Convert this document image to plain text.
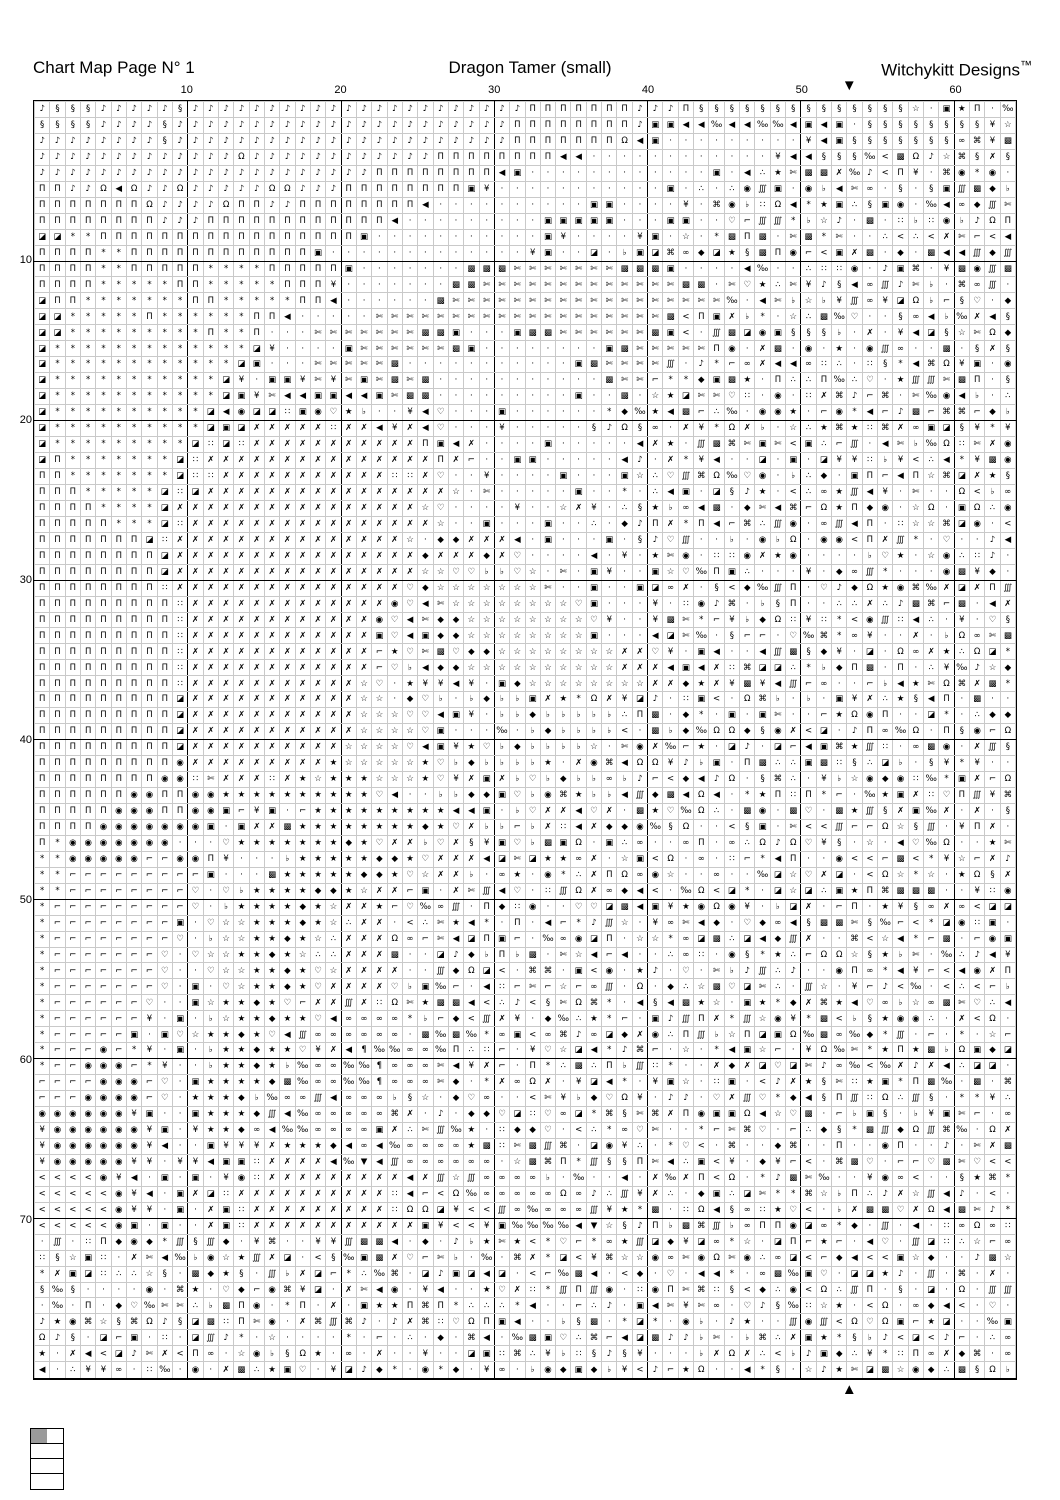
Chart Map Page N° 1	Dragon Tamer (small)	Witchykitt Designs™
10	20	30	40	50	60
10
20
30
40
50
60
70
▼
▲
♪	§	§	§	♪	♪	♪	♪	♪	§	♪	♪	♪	♪	♪	♪	♪	♪	♪	♪	♪	♪	♪	♪	♪	♪	♪	♪	♪	♪	♪	♪	Π	Π	Π	Π	Π	Π	Π	♪	♪	♪	Π	§	§	§	§	§	§	§	§	§	§	§	§	§	§	☆	·	▣	★	Π	·	‰
§	§	§	§	♪	♪	♪	♪	§	♪	♪	♪	♪	♪	♪	♪	♪	♪	♪	♪	♪	♪	♪	♪	♪	♪	♪	♪	♪	♪	♪	Π	Π	Π	Π	Π	Π	Π	Π	♪	▣	▣	◀	◀	‰	◀	◀	‰	‰	◀	▣	◀	▣	·	§	§	§	§	§	§	§	§	¥	☆
♪	♪	♪	♪	♪	♪	♪	♪	§	♪	♪	♪	♪	♪	♪	♪	♪	♪	♪	♪	♪	♪	♪	♪	♪	♪	♪	♪	♪	♪	♪	Π	Π	Π	Π	Π	Π	Π	Ω	◀	▣	·	·	·	·	·	·	·	·	·	¥	◀	▣	§	§	§	§	§	§	§	∞	⌘	¥	▩
♪	♪	♪	♪	♪	♪	♪	♪	♪	♪	♪	♪	♪	Ω	♪	♪	♪	♪	♪	♪	♪	♪	♪	♪	♪	♪	Π	Π	Π	Π	Π	Π	Π	Π	◀	◀	·	·	·	·	·	·	·	·	·	·	·	·	¥	◀	◀	§	§	§	‰	<	▩	Ω	♪	☆	⌘	§	✗	§
♪	♪	♪	♪	♪	♪	♪	♪	♪	♪	♪	♪	♪	♪	♪	♪	♪	♪	♪	♪	♪	♪	Π	Π	Π	Π	Π	Π	Π	Π	◀	▣	·	·	·	·	·	·	·	·	·	·	·	·	▣	·	◀	∴	★	✄	▩	▩	✗	‰	♪	<	Π	¥	·	⌘	◉	*	◉	·
Π	Π	♪	♪	Ω	◀	Ω	♪	♪	Ω	♪	♪	♪	♪	♪	Ω	Ω	♪	♪	♪	Π	Π	Π	Π	Π	Π	Π	Π	▣	¥	·	·	·	·	·	·	·	·	·	·	·	▣	·	∴	·	∴	◉	∭	▣	·	◉	♭	◀	✄	∞	·	§	·	§	▣	∭	▩	◆	♭
Π	Π	Π	Π	Π	Π	Π	Ω	♪	♪	♪	♪	Ω	Π	Π	♪	♪	Π	Π	Π	Π	Π	Π	Π	Π	◀	·	·	·	·	·	·	·	·	·	·	▣	▣	·	·	·	·	¥	·	⌘	◉	♭	∷	Ω	◀	*	★	▣	∴	§	▣	◉	·	‰	◀	∞	◆	∭	✄
Π	Π	Π	Π	Π	Π	Π	Π	♪	♪	♪	Π	Π	Π	Π	Π	Π	Π	Π	Π	Π	Π	Π	◀	·	·	·	·	·	·	·	·	·	▣	▣	▣	▣	▣	·	·	·	▣	▣	·	·	♡	⌐	∭	∭	*	♭	☆	♪	·	▩	·	∷	♭	∷	◉	♭	♪	Ω	Π
◪	◪	*	*	Π	Π	Π	Π	Π	Π	Π	Π	Π	Π	Π	Π	Π	Π	Π	Π	Π	▣	·	·	·	·	·	·	·	·	·	·	·	▣	¥	·	·	·	·	¥	▣	·	☆	·	*	▩	Π	▩	·	✄	▩	*	✄	·	·	∴	<	∴	<	✗	✄	⌐	<	◀
Π	Π	Π	Π	*	*	Π	Π	Π	Π	Π	Π	Π	Π	Π	Π	Π	Π	▣	·	·	·	·	·	·	·	·	·	·	·	·	·	¥	▣	·	·	◪	·	♭	▣	◪	⌘	∞	◆	◪	★	§	▩	Π	◉	⌐	<	▣	✗	▩	·	◆	·	▩	◀	◀	∭	◆	∭
Π	Π	Π	Π	*	*	Π	Π	Π	Π	Π	*	*	*	*	Π	Π	Π	Π	Π	▣	·	·	·	·	·	·	·	▩	▩	▩	✄	✄	✄	✄	✄	✄	✄	▩	▩	▩	▣	·	·	·	·	◀	‰	·	·	∴	∷	∷	◉	·	♪	▣	⌘	·	¥	▩	◉	∭	▩
Π	Π	Π	Π	*	*	*	*	*	Π	Π	*	*	*	*	*	Π	Π	Π	¥	·	·	·	·	·	·	·	▩	▩	✄	✄	✄	✄	✄	✄	✄	✄	✄	✄	✄	✄	✄	▩	▩	·	✄	♡	★	∴	✄	¥	♪	§	◀	∞	∭	♪	✄	♭	·	⌘	∞	∭	·
◪	Π	Π	*	*	*	*	*	*	*	Π	Π	*	*	*	*	*	Π	Π	◀	·	·	·	·	·	·	▩	✄	✄	✄	✄	✄	✄	✄	✄	✄	✄	✄	✄	✄	✄	✄	✄	✄	✄	‰	·	◀	✄	♭	☆	♭	¥	∭	∞	¥	◪	Ω	♭	⌐	§	♡	·	◆
◪	◪	*	*	*	*	*	Π	*	*	*	*	*	*	Π	Π	◀	·	·	·	·	·	✄	✄	✄	✄	✄	✄	✄	✄	✄	✄	✄	✄	✄	✄	✄	✄	✄	✄	✄	▩	<	Π	▣	✗	♭	*	·	☆	∴	▩	‰	♡	·	·	§	∞	◀	♭	‰	✗	◀	§
◪	◪	*	*	*	*	*	*	*	*	*	Π	*	*	Π	·	·	·	✄	✄	✄	✄	✄	✄	✄	▩	▩	▣	·	·	·	▣	▩	▩	✄	✄	✄	✄	✄	✄	▩	▣	<	·	∭	▩	◪	◉	▣	§	§	§	♭	·	✗	·	¥	◀	◪	§	☆	✄	Ω	◆
◪	*	*	*	*	*	*	*	*	*	*	*	*	*	◪	¥	·	·	·	·	▣	✄	✄	✄	✄	✄	✄	▩	▣	·	·	·	·	·	·	·	·	▣	▩	✄	✄	✄	✄	✄	Π	◉	·	✗	▩	·	◉	·	★	·	◉	∭	∞	·	·	▩	·	§	✗	§
◪	*	*	*	*	*	*	*	*	*	*	*	*	◪	▣	·	·	·	✄	✄	✄	✄	✄	▩	·	·	·	·	·	·	·	·	·	·	·	▣	▩	✄	✄	✄	✄	∭	·	♪	*	⌐	∞	✗	◀	◀	∞	∷	∴	·	∷	§	*	◀	⌘	Ω	¥	▣	·	◉
◪	*	*	*	*	*	*	*	*	*	*	*	◪	¥	·	▣	▣	¥	✄	¥	✄	▣	✄	▩	✄	▩	·	·	·	·	·	·	·	·	·	·	·	▩	✄	✄	⌐	*	*	◆	▣	▩	★	·	Π	∴	∴	Π	‰	∴	♡	·	★	∭	∭	✄	▩	Π	·	§
◪	*	*	*	*	*	*	*	*	*	*	*	◪	▣	¥	✄	◀	◀	▣	▣	◀	◀	▣	✄	▩	▩	·	·	·	·	·	·	·	·	·	▣	·	·	▩	·	☆	★	◪	✄	✄	♡	∷	·	◉	·	∷	✗	⌘	♪	⌐	⌘	·	✄	‰	◉	◀	♭	·	∴
◪	*	*	*	*	*	*	*	*	*	*	◪	◀	◉	◪	◪	∷	▣	◉	♡	★	♭	·	·	¥	◀	♡	·	·	·	▣	·	·	·	·	·	·	*	◆	‰	★	◀	▩	⌐	∴	‰	·	◉	◉	★	·	⌐	◉	*	◀	⌐	♪	▩	⌐	⌘	⌘	⌐	◆	♭
◪	*	*	*	*	*	*	*	*	*	*	◪	▣	◪	✗	✗	✗	✗	✗	∷	✗	✗	◀	¥	✗	◀	♡	·	·	·	¥	·	·	·	·	·	§	♪	Ω	§	∞	·	✗	¥	*	Ω	✗	♭	·	☆	∴	★	⌘	★	∷	⌘	✗	∞	▣	◪	§	¥	*	¥
◪	*	*	*	*	*	*	*	*	*	◪	∷	◪	∷	✗	✗	✗	✗	✗	✗	✗	✗	✗	✗	✗	Π	▣	◀	✗	·	·	·	·	▣	·	·	·	·	·	◀	✗	★	·	∭	▩	⌘	✄	▣	✄	<	▣	∴	⌐	∭	·	◀	✄	♭	‰	Ω	∷	✄	✗	◉
◪	Π	*	*	*	*	*	*	*	◪	∷	✗	✗	✗	✗	✗	✗	✗	✗	✗	✗	✗	✗	✗	✗	✗	Π	✗	⌐	·	·	▣	▣	·	·	·	·	·	◀	♪	·	✗	*	¥	◀	·	·	◪	·	▣	·	◪	¥	¥	∷	♭	¥	<	∴	◀	*	¥	▩	◉
Π	Π	*	*	*	*	*	*	*	◪	∷	∷	✗	✗	✗	✗	✗	✗	✗	✗	✗	✗	✗	∷	∷	✗	♡	·	·	¥	·	·	·	·	▣	·	·	·	▣	☆	∴	♡	∭	⌘	Ω	‰	♡	◉	·	♭	∴	◆	·	▣	Π	⌐	◀	Π	☆	⌘	◪	✗	★	§
Π	Π	Π	*	*	*	*	*	◪	∷	◪	✗	✗	✗	✗	✗	✗	✗	✗	✗	✗	✗	✗	✗	✗	✗	✗	☆	·	✄	·	·	·	·	·	▣	·	·	*	·	∴	◀	▣	·	◪	§	♪	★	·	<	∴	∞	★	∭	◀	¥	·	✄	·	·	Ω	<	♭	∞
Π	Π	Π	Π	*	*	*	*	◪	✗	✗	✗	✗	✗	✗	✗	✗	✗	✗	✗	✗	✗	✗	✗	✗	☆	♡	·	·	·	·	¥	·	·	☆	✗	¥	·	∴	§	★	♭	∞	◀	▩	·	◆	✄	◀	⌘	⌐	Ω	★	Π	◆	◉	·	☆	Ω	·	▣	Ω	∴	◉
Π	Π	Π	Π	Π	*	*	*	◪	∷	✗	✗	✗	✗	✗	✗	✗	✗	✗	✗	✗	✗	✗	✗	✗	✗	☆	·	·	▣	·	·	·	▣	·	·	∴	·	◆	♪	Π	✗	*	Π	◀	⌐	⌘	∴	∭	◉	·	∞	∭	◀	Π	·	∷	☆	☆	⌘	◪	◉	·	<
Π	Π	Π	Π	Π	Π	Π	◪	∷	✗	✗	✗	✗	✗	✗	✗	✗	✗	✗	✗	✗	✗	✗	✗	☆	·	◆	◆	✗	✗	✗	◀	·	▣	·	·	·	▣	·	§	♪	♡	∭	·	·	♭	·	◉	♭	Ω	·	◉	◉	<	Π	✗	∭	*	·	♡	·	·	♪	◀
Π	Π	Π	Π	Π	Π	Π	Π	◪	✗	✗	✗	✗	✗	✗	✗	✗	✗	✗	✗	✗	✗	✗	✗	✗	◆	✗	✗	✗	◆	✗	♡	·	·	·	·	◀	·	¥	·	★	✄	◉	·	∷	∷	◉	✗	★	◉	·	·	·	·	♭	♡	★	·	☆	◉	∴	∷	♪	·
Π	Π	Π	Π	Π	Π	Π	Π	◪	✗	✗	✗	✗	✗	✗	✗	✗	✗	✗	✗	✗	✗	✗	✗	✗	☆	☆	♡	♡	♭	♭	♡	☆	·	✄	·	▣	¥	·	·	▣	☆	♡	‰	Π	▣	∴	·	·	·	¥	·	◆	∞	∭	*	·	·	·	◉	▩	¥	◆	·
Π	Π	Π	Π	Π	Π	Π	Π	∷	✗	✗	✗	✗	✗	✗	✗	✗	✗	✗	✗	✗	✗	✗	✗	♡	◆	☆	☆	☆	☆	☆	☆	☆	✄	·	·	▣	·	·	▣	◪	∞	✗	·	§	<	◆	‰	∭	Π	·	♡	♪	◆	Ω	★	◉	⌘	‰	✗	◪	✗	Π	∭
Π	Π	Π	Π	Π	Π	Π	Π	Π	∷	✗	✗	✗	✗	✗	✗	✗	✗	✗	✗	✗	✗	✗	◉	♡	◀	✄	☆	☆	☆	☆	☆	☆	☆	☆	♡	▣	·	·	·	¥	·	∷	◉	♪	⌘	·	♭	§	Π	·	·	∴	∴	✗	∴	♪	▩	⌘	⌐	▩	·	◀	✗
Π	Π	Π	Π	Π	Π	Π	Π	Π	∷	✗	✗	✗	✗	✗	✗	✗	✗	✗	✗	✗	✗	◉	♡	◀	✄	◆	◆	☆	☆	☆	☆	☆	☆	☆	☆	♡	¥	·	·	¥	▩	✄	*	⌐	¥	♭	◆	Ω	∷	¥	∷	*	<	◉	∭	∷	◀	∴	·	¥	·	♡	§
Π	Π	Π	Π	Π	Π	Π	Π	Π	∷	✗	✗	✗	✗	✗	✗	✗	✗	✗	✗	✗	✗	▣	♡	◀	▣	◆	◆	☆	☆	☆	☆	☆	☆	☆	☆	▣	·	·	·	◀	◪	✄	‰	·	§	⌐	⌐	·	♡	‰	⌘	*	∞	¥	·	·	✗	·	♭	Ω	∞	✄	▩
Π	Π	Π	Π	Π	Π	Π	Π	Π	∷	✗	✗	✗	✗	✗	✗	✗	✗	✗	✗	✗	✗	⌐	★	♡	✄	▩	♡	◆	◆	☆	☆	☆	☆	☆	☆	☆	☆	✗	✗	♡	¥	·	▣	◀	·	·	◀	∭	▩	§	◆	¥	·	◪	·	Ω	∞	✗	★	∴	Ω	◪	*
Π	Π	Π	Π	Π	Π	Π	Π	Π	∷	✗	✗	✗	✗	✗	✗	✗	✗	✗	✗	✗	✗	⌐	♡	♭	◀	◆	◆	☆	☆	☆	☆	☆	☆	☆	☆	☆	☆	✗	✗	✗	◀	▣	◀	✗	∷	⌘	◪	◪	∴	*	♭	◆	Π	▩	·	Π	·	∴	¥	‰	♪	☆	◆
Π	Π	Π	Π	Π	Π	Π	Π	Π	∷	✗	✗	✗	✗	✗	✗	✗	✗	✗	✗	✗	☆	♡	·	★	¥	¥	◀	¥	·	▣	◆	☆	☆	☆	☆	☆	☆	☆	☆	✗	✗	◆	★	✗	¥	▩	¥	◀	∭	⌐	∞	·	·	⌐	♭	◀	★	✄	Ω	⌘	✗	▩	*
Π	Π	Π	Π	Π	Π	Π	Π	Π	◪	✗	✗	✗	✗	✗	✗	✗	✗	✗	✗	✗	☆	☆	·	◆	♡	♭	·	♭	◆	♭	♭	▣	✗	★	*	Ω	✗	¥	◪	♪	·	∷	▣	<	·	Ω	⌘	♭	·	♭	·	▣	¥	✗	∴	★	§	◀	Π	·	▩	·	·
Π	Π	Π	Π	Π	Π	Π	Π	Π	◪	✗	✗	✗	✗	✗	✗	✗	✗	✗	✗	✗	☆	☆	☆	♡	♡	◀	▣	¥	·	♭	♭	◆	♭	♭	♭	♭	♭	∴	Π	▩	·	◆	*	·	▣	·	▣	✄	·	·	⌐	★	Ω	◉	Π	·	·	◪	*	·	∴	◆	◆
Π	Π	Π	Π	Π	Π	Π	Π	Π	◪	✗	✗	✗	✗	✗	✗	✗	✗	✗	✗	✗	☆	☆	☆	☆	♡	▣	·	·	·	‰	·	♭	◆	♭	♭	♭	♭	<	·	▩	♭	◆	‰	Ω	Ω	◆	§	◉	✗	<	◪	·	♪	Π	∞	‰	Ω	·	Π	§	◉	⌐	Ω
Π	Π	Π	Π	Π	Π	Π	Π	Π	◪	✗	✗	✗	✗	✗	✗	✗	✗	✗	✗	☆	☆	☆	☆	♡	◀	▣	¥	★	♡	♭	◆	♭	♭	♭	♭	☆	·	✄	◉	✗	‰	⌐	★	·	◪	♪	·	◪	⌐	◀	▣	⌘	★	∭	∷	·	∞	▩	◉	·	✗	∭	§
Π	Π	Π	Π	Π	Π	Π	Π	Π	◉	✗	✗	✗	✗	✗	✗	✗	✗	✗	★	☆	☆	☆	☆	☆	★	♡	♭	◆	♭	♭	♭	♭	★	·	✗	◉	⌘	◀	Ω	Ω	¥	♪	♭	▣	·	Π	▩	∴	∴	▣	▩	∷	§	∴	◪	♭	·	§	¥	*	¥	·	·
Π	Π	Π	Π	Π	Π	Π	Π	◉	◉	∷	✄	✗	✗	✗	∷	✗	★	☆	★	★	★	☆	☆	☆	★	♡	¥	✗	▣	✗	♭	♡	♭	◆	♭	♭	∞	♭	♪	⌐	<	◆	◀	♪	Ω	·	§	⌘	∴	·	¥	♭	☆	◉	◆	◉	∷	‰	*	▣	✗	⌐	Ω
Π	Π	Π	Π	Π	Π	◉	◉	Π	Π	◉	◉	★	★	★	★	★	★	★	★	★	★	♡	◀	·	·	♭	♭	◆	◆	▣	♡	♭	◉	⌘	★	♭	♭	◀	∭	◆	▩	◀	Ω	◀	·	*	★	Π	∷	Π	*	⌐	·	‰	★	▣	✗	∷	♡	Π	∭	¥	⌘
Π	Π	Π	Π	Π	◉	◉	◉	Π	Π	◉	◉	▣	⌐	¥	▣	·	⌐	★	★	★	★	★	★	★	★	★	◀	◀	▣	·	♭	♡	✗	✗	◀	♡	✗	·	▩	★	♡	‰	Ω	∴	·	▩	◉	·	▩	♡	·	▩	★	∭	§	✗	▣	‰	✗	·	✗	·	§
Π	Π	Π	Π	◉	◉	◉	◉	◉	◉	◉	▣	·	▣	✗	✗	▩	★	★	★	★	★	★	★	★	◆	★	♡	✗	♭	♭	⌐	♭	✗	∷	◀	✗	◆	◆	◉	‰	§	Ω	·	·	<	§	▣	·	✄	<	<	∭	⌐	⌐	Ω	☆	§	∭	·	¥	Π	✗	·
Π	*	◉	◉	◉	◉	◉	◉	◉	·	·	·	♡	★	★	★	★	★	★	★	◆	★	♡	✗	✗	♭	♡	✗	§	¥	▣	♡	♭	▩	▣	Ω	·	▣	∴	∞	·	·	∞	Π	·	∞	∴	Ω	♪	Ω	♡	¥	§	·	☆	·	◀	♡	‰	Ω	·	·	★	✄
*	*	◉	◉	◉	◉	◉	⌐	⌐	◉	◉	Π	¥	·	·	·	♭	★	★	★	★	★	◆	◆	★	♡	✗	✗	✗	◀	◪	✄	◪	★	★	∞	✗	·	☆	▣	<	Ω	·	∞	·	∷	⌐	*	◀	Π	·	·	◉	<	<	⌐	▩	<	*	¥	☆	⌐	✗	♪
*	*	⌐	⌐	⌐	⌐	⌐	⌐	⌐	⌐	⌐	▣	·	·	·	▩	★	★	★	★	★	◆	◆	★	♡	☆	✗	✗	♭	·	∞	★	·	◉	*	∴	✗	Π	Ω	∞	◉	☆	·	·	∞	·	·	‰	◪	☆	♡	✗	◪	·	<	Ω	☆	*	☆	·	★	Ω	§	✗
*	*	⌐	⌐	⌐	⌐	⌐	⌐	⌐	⌐	♡	·	♡	♭	★	★	★	★	◆	◆	★	☆	✗	✗	⌐	▣	·	✗	✄	∭	◀	♡	·	∷	∭	Ω	✗	∞	◆	◀	<	·	‰	Ω	<	◪	*	·	◪	☆	◪	∴	▣	★	Π	⌘	▩	▩	▩	·	·	¥	∷	◉
*	⌐	⌐	⌐	⌐	⌐	⌐	⌐	⌐	⌐	♡	·	♭	★	★	★	★	◆	★	☆	✗	✗	★	⌐	♡	‰	∞	∭	·	Π	◆	∷	◉	·	·	♡	♡	◪	▩	◀	▣	¥	★	◉	Ω	◉	¥	·	♭	◪	✗	·	⌐	Π	·	★	¥	§	∞	✗	∞	<	◪	◪
*	⌐	⌐	⌐	⌐	⌐	⌐	⌐	⌐	▣	·	♡	☆	☆	★	★	★	◆	★	☆	∴	✗	✗	·	<	∴	✄	★	◀	*	·	Π	·	◀	⌐	*	♪	∭	☆	·	¥	∞	✄	◀	◆	·	♡	◆	∞	◀	§	▩	▩	✄	§	‰	⌐	<	*	◪	◉	∷	▣	·
*	⌐	⌐	⌐	⌐	⌐	⌐	⌐	⌐	♡	·	♭	☆	☆	★	★	◆	★	☆	∴	✗	✗	✗	Ω	∞	⌐	✄	◀	◪	Π	▣	⌐	·	‰	∞	◉	◪	Π	·	☆	☆	*	∞	◪	▩	∴	◪	◀	◆	∭	✗	·	·	⌘	<	☆	◀	*	⌐	▩	·	⌐	◉	▣
*	⌐	⌐	⌐	⌐	⌐	⌐	⌐	♡	·	♡	☆	☆	★	★	◆	★	☆	∴	∴	✗	✗	✗	▩	·	·	◪	♪	◆	♭	Π	♭	▩	·	✄	☆	◀	⌐	◀	·	·	∴	∞	∷	·	◉	§	*	★	∴	⌐	Ω	Ω	☆	§	★	♭	✄	·	‰	∴	♪	◀	¥
*	⌐	⌐	⌐	⌐	⌐	⌐	⌐	♡	·	·	♡	☆	☆	★	★	◆	★	♡	☆	✗	✗	✗	✗	·	·	∭	◆	Ω	◪	<	·	⌘	⌘	·	▣	<	◉	·	★	♪	·	♡	·	✄	♭	♪	∭	∴	♪	·	·	◉	Π	∞	*	◀	¥	⌐	<	◀	◉	✗	Π
*	⌐	⌐	⌐	⌐	⌐	⌐	⌐	♡	·	▣	·	♡	☆	★	★	◆	★	♡	✗	✗	✗	✗	♡	♭	▣	‰	⌐	·	◀	∷	⌐	✄	⌐	☆	⌐	∞	∭	·	Ω	·	◆	∴	☆	▩	♡	◪	✄	∴	·	∭	☆	·	¥	⌐	♪	<	‰	·	<	∴	<	⌐	♭
*	⌐	⌐	⌐	⌐	⌐	⌐	♡	·	·	▣	☆	★	★	◆	★	♡	⌐	✗	✗	∭	✗	∷	Ω	✄	★	▩	▩	◀	<	∴	♪	<	§	✄	Ω	⌘	*	·	◀	§	◀	▩	★	☆	·	▣	★	*	◆	✗	⌘	★	◀	♡	∞	♭	☆	∞	▩	✄	♡	∴	◀
*	⌐	⌐	⌐	⌐	⌐	⌐	¥	·	▣	·	♭	☆	★	★	◆	★	★	♡	◀	∞	∞	∞	∞	*	♭	⌐	◆	<	∭	✗	¥	·	◆	‰	∴	★	*	⌐	·	▣	♪	∭	Π	✗	*	∭	☆	◉	¥	*	▩	<	♭	§	★	◉	◉	∴	·	✗	<	Ω	·
*	⌐	⌐	⌐	⌐	⌐	▣	·	▣	♡	☆	★	★	◆	★	♡	◀	∭	∞	∞	∞	∞	∞	∞	·	▩	‰	▩	‰	*	∞	▣	<	∞	⌘	♪	∞	◪	◆	✗	◉	∴	Π	∭	♭	☆	Π	◪	▣	Ω	‰	▩	∞	‰	◆	*	∭	·	⌐	·	*	·	☆	⌐
*	⌐	⌐	⌐	◉	⌐	*	¥	·	▣	·	♭	★	★	◆	★	★	♡	¥	✗	◀	¶	‰	‰	∞	∞	‰	Π	∴	∷	⌐	·	¥	♡	☆	◪	◀	*	♪	⌘	⌐	·	☆	·	*	◀	▣	☆	⌐	·	¥	Ω	‰	✄	*	★	Π	★	▩	♭	Ω	▣	◆	◪
*	⌐	⌐	◉	◉	◉	⌐	*	¥	·	·	♭	★	★	◆	★	♭	‰	∞	∞	‰	‰	¶	∞	∞	∞	✄	◀	¥	✗	⌐	·	Π	*	∴	▩	∴	Π	♭	∭	∷	*	·	·	✗	◆	✗	◪	♡	◪	✄	♪	∞	‰	<	‰	✗	♪	✗	◀	∴	◪	◪	·
⌐	⌐	⌐	⌐	◉	◉	◉	⌐	♡	·	▣	★	★	★	★	◆	▩	‰	∞	∞	‰	‰	¶	∞	∞	∞	✄	◆	·	*	✗	∞	Ω	✗	·	¥	◪	◀	*	·	¥	▣	☆	·	∷	▣	·	<	♪	✗	★	§	✄	∷	★	▣	*	Π	▩	‰	·	▩	·	⌘
⌐	⌐	⌐	◉	◉	◉	◉	⌐	♡	·	★	★	★	◆	♭	‰	∞	∞	∭	◀	∞	∞	∞	♭	§	☆	·	◆	♡	∞	·	·	<	✄	¥	♭	◆	♡	Ω	¥	·	♪	♪	·	♡	✗	∭	♡	*	◆	◀	§	Π	∭	∷	Ω	∴	∭	§	·	*	*	¥	∴
◉	◉	◉	◉	◉	◉	¥	▣	·	·	▣	★	★	★	◆	∭	◀	‰	∞	∞	∞	∞	∞	⌘	✗	·	♪	·	◆	◆	♡	◪	∷	♡	∞	◪	*	⌘	§	✄	⌘	✗	Π	◉	▣	▣	Ω	◀	☆	♡	▩	·	⌐	♭	▣	§	·	♭	¥	▣	✄	⌐	·	∞
¥	◉	◉	◉	◉	◉	◉	¥	▣	·	¥	★	★	◆	∞	◀	‰	‰	∞	∞	∞	∞	▣	✗	∴	✄	∭	‰	★	·	∷	◆	◆	♡	·	<	∴	*	∞	♡	✄	·	·	*	⌐	✄	⌘	♡	·	⌐	∴	◆	§	*	▩	∭	◆	Ω	∭	⌘	‰	·	Ω	✗
¥	◉	◉	◉	◉	◉	◉	¥	◀	·	·	▣	¥	¥	¥	✗	★	★	★	◆	◀	∞	◀	‰	∞	∞	∞	∞	★	▩	∷	✄	▩	∭	⌘	·	◪	◉	¥	∴	·	*	♡	<	·	⌘	·	·	◆	⌘	·	·	Π	·	·	◉	Π	·	·	♪	·	✄	✗	▩
¥	◉	◉	◉	◉	◉	¥	¥	·	¥	¥	◀	▣	▣	∷	✗	✗	✗	✗	◀	‰	▼	◀	∭	∞	∞	∞	∞	∞	∞	·	☆	▩	⌘	Π	*	∭	§	§	Π	✄	◀	∴	▣	<	¥	·	◆	¥	⌐	<	·	⌘	▩	♡	·	⌐	⌐	♡	▩	✄	♡	<	<
<	<	<	<	◉	¥	◀	·	▣	·	▣	·	¥	◉	∷	✗	✗	✗	✗	✗	✗	✗	✗	✗	◀	✗	∭	☆	∭	∞	∞	∞	∞	♭	·	‰	·	·	◀	·	✗	‰	✗	Π	<	Ω	·	*	♪	▩	✄	‰	·	·	¥	◉	∞	<	·	·	§	★	⌘	*
<	<	<	<	<	◉	¥	◀	·	▣	✗	◪	∷	✗	✗	✗	✗	✗	✗	✗	✗	✗	✗	∷	◀	⌐	<	Ω	‰	∞	∞	∞	∞	∞	Ω	∞	♪	∴	∭	¥	✗	∴	·	◆	▣	∴	◪	✄	*	*	⌘	☆	♭	Π	∴	♪	✗	☆	∭	◀	♪	·	<	·
<	<	<	<	<	◉	¥	¥	·	▣	·	✗	▣	∷	✗	✗	✗	✗	✗	✗	✗	✗	✗	∷	Ω	Ω	◪	¥	<	<	∭	∞	‰	∞	∞	∞	∭	¥	★	*	▩	·	∷	Ω	◀	§	∞	∷	★	♡	<	·	♭	✗	▩	▩	♡	✗	Ω	◀	▩	✄	♪	*
<	<	<	<	<	◉	▣	·	▣	·	·	✗	▣	∷	✗	✗	✗	✗	✗	✗	✗	✗	✗	✗	✗	▣	¥	<	<	¥	▣	‰	‰	‰	‰	◀	▼	☆	§	♪	Π	♭	▩	⌘	∭	♭	∞	Π	Π	◉	◪	∞	*	◆	·	∭	·	◀	·	∷	∞	Ω	∞	∷
·	∭	·	∷	Π	◆	◉	◆	*	∭	§	∭	◆	·	¥	⌘	·	·	¥	¥	∭	▩	▩	◀	·	◆	·	♪	♭	★	✄	★	<	*	♡	⌐	*	∞	★	∭	◪	◆	¥	◪	∞	*	☆	·	◪	Π	⌐	★	⌐	·	◀	♡	·	∭	◪	∷	∴	☆	⌐	∞
∷	§	☆	▣	∷	·	✗	✄	◀	‰	♭	◉	☆	★	∭	✗	◪	·	<	§	‰	▣	▩	✗	♡	⌐	✄	♭	·	‰	·	⌘	✗	*	◪	<	¥	⌘	☆	☆	◉	∞	✄	◉	Ω	✄	◉	∴	∞	◪	<	⌐	◆	◀	<	<	▣	☆	◆	·	·	♪	▩	☆
*	✗	▣	◪	∷	∴	∴	☆	§	·	▩	◆	★	§	·	∭	♭	✗	◪	⌐	*	∴	‰	⌘	·	◪	♪	▣	◪	◀	◪	·	<	⌐	‰	▩	◀	·	<	◆	·	♡	·	◀	◀	*	·	∞	▩	‰	▣	♡	·	◪	◪	★	♪	·	∭	·	⌘	·	✗	·
§	‰	§	·	·	·	·	◉	·	⌘	★	·	♡	◆	⌐	◉	⌘	¥	◪	·	✗	✄	◀	◉	·	¥	◀	·	·	★	♡	✗	∷	*	∭	Π	∭	◉	·	∷	◉	Π	✄	⌘	∷	§	<	◆	∴	◉	<	Ω	∴	∭	Π	·	§	·	◪	·	Ω	·	∭	∭
·	‰	·	Π	·	◆	♡	‰	✄	✄	∴	♭	▩	Π	◉	·	*	Π	·	✗	·	▣	★	★	Π	⌘	Π	*	∴	∴	∴	*	◀	·	·	⌐	∴	♪	·	▣	◀	✄	¥	✄	∞	·	♡	♪	§	‰	∷	☆	★	·	<	Ω	·	∞	◆	◀	<	·	♡	·
♪	★	◉	⌘	☆	§	⌘	Ω	♪	§	◪	▩	∷	Π	✄	◉	·	✗	⌘	∭	⌘	♪	·	♪	✗	⌘	∷	♡	Ω	Π	▣	◀	·	·	♭	§	▩	·	*	◪	*	·	◉	♭	·	♪	★	·	·	∭	◉	∭	<	Ω	♡	Ω	▣	⌐	★	◪	·	·	‰	▣
Ω	♪	§	·	◪	⌐	▣	·	∷	·	◪	∭	♪	*	·	☆	·	·	·	·	*	·	⌐	·	∴	·	◆	·	⌘	◀	·	‰	▩	▣	♡	∴	⌘	⌐	◀	◪	▩	♪	♪	♭	✄	·	♭	⌘	∴	✗	▣	★	*	§	♭	♪	<	◪	<	♪	⌐	·	∴	∞
★	·	✗	◀	<	◪	♪	✄	✗	<	Π	∞	·	☆	◉	♭	§	Ω	★	·	∞	·	✗	·	·	¥	·	·	◪	▣	∷	⌘	∴	¥	♭	∷	§	♪	§	¥	·	·	·	♭	✗	Ω	✗	∴	<	♭	♪	▣	◆	∴	¥	*	∷	Π	∞	✗	◆	⌘	·	∞
◀	·	∴	¥	¥	∞	·	∷	‰	·	◉	·	✗	▩	∴	★	▣	♡	·	¥	◪	♪	◆	*	·	◉	*	◆	·	¥	∞	·	♭	◉	◆	▣	◆	♭	¥	<	♪	⌐	★	Ω	·	·	◀	*	§	·	☆	♪	★	✄	◪	▩	☆	◉	◆	∴	▩	§	Ω	♭
